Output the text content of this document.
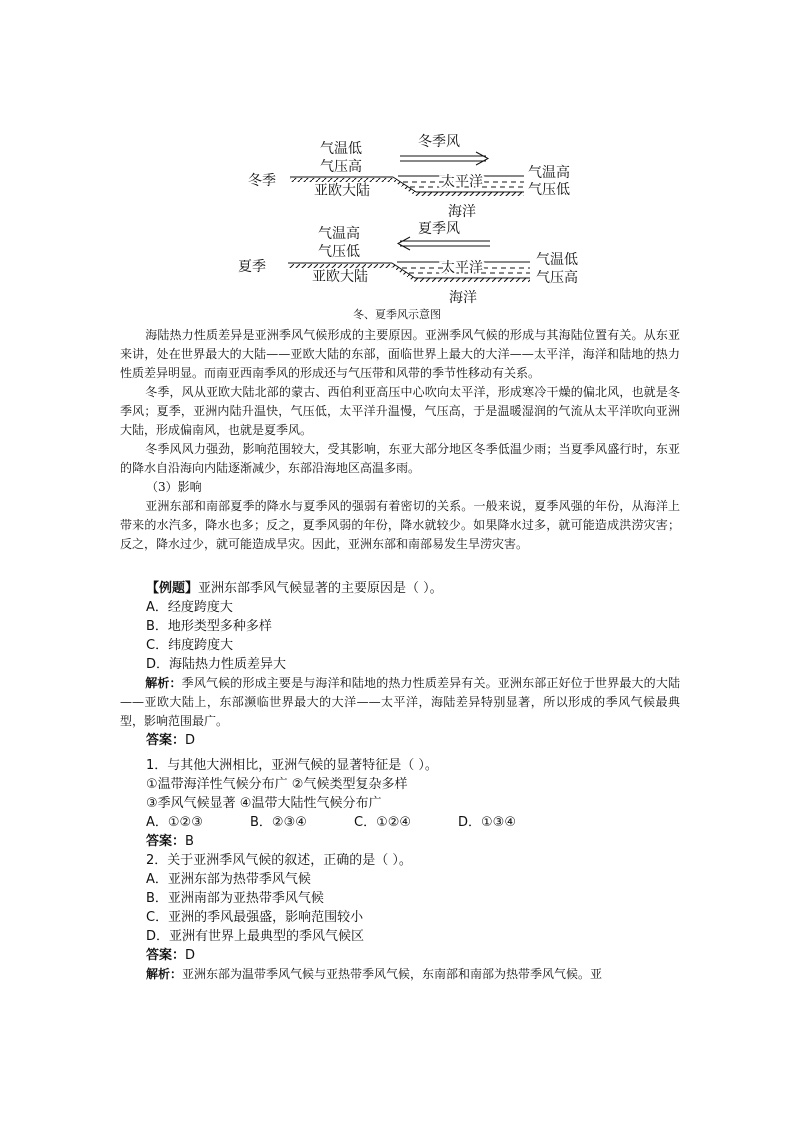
冬季
气温低
气压高
冬季风
亚欧大陆
太平洋
海洋
气温高
气压低
夏季
气温高
气压低
夏季风
亚欧大陆
太平洋
海洋
气温低
气压高
冬、夏季风示意图

海陆热力性质差异是亚洲季风气候形成的主要原因。亚洲季风气候的形成与其海陆位置有关。从东亚来讲，处在世界最大的大陆——亚欧大陆的东部，面临世界上最大的大洋——太平洋，海洋和陆地的热力性质差异明显。而南亚西南季风的形成还与气压带和风带的季节性移动有关系。

冬季，风从亚欧大陆北部的蒙古、西伯利亚高压中心吹向太平洋，形成寒冷干燥的偏北风，也就是冬季风；夏季，亚洲内陆升温快，气压低，太平洋升温慢，气压高，于是温暖湿润的气流从太平洋吹向亚洲大陆，形成偏南风，也就是夏季风。

冬季风风力强劲，影响范围较大，受其影响，东亚大部分地区冬季低温少雨；当夏季风盛行时，东亚的降水自沿海向内陆逐渐减少，东部沿海地区高温多雨。

（3）影响

亚洲东部和南部夏季的降水与夏季风的强弱有着密切的关系。一般来说，夏季风强的年份，从海洋上带来的水汽多，降水也多；反之，夏季风弱的年份，降水就较少。如果降水过多，就可能造成洪涝灾害；反之，降水过少，就可能造成旱灾。因此，亚洲东部和南部易发生旱涝灾害。

【例题】亚洲东部季风气候显著的主要原因是（ ）。

A．经度跨度大

B．地形类型多种多样

C．纬度跨度大

D．海陆热力性质差异大

解析：季风气候的形成主要是与海洋和陆地的热力性质差异有关。亚洲东部正好位于世界最大的大陆——亚欧大陆上，东部濒临世界最大的大洋——太平洋，海陆差异特别显著，所以形成的季风气候最典型，影响范围最广。

答案：D

1．与其他大洲相比，亚洲气候的显著特征是（ ）。

①温带海洋性气候分布广 ②气候类型复杂多样

③季风气候显著 ④温带大陆性气候分布广

A．①②③	B．②③④	C．①②④	D．①③④

答案：B

2．关于亚洲季风气候的叙述，正确的是（ ）。

A．亚洲东部为热带季风气候

B．亚洲南部为亚热带季风气候

C．亚洲的季风最强盛，影响范围较小

D．亚洲有世界上最典型的季风气候区

答案：D

解析：亚洲东部为温带季风气候与亚热带季风气候，东南部和南部为热带季风气候。亚
